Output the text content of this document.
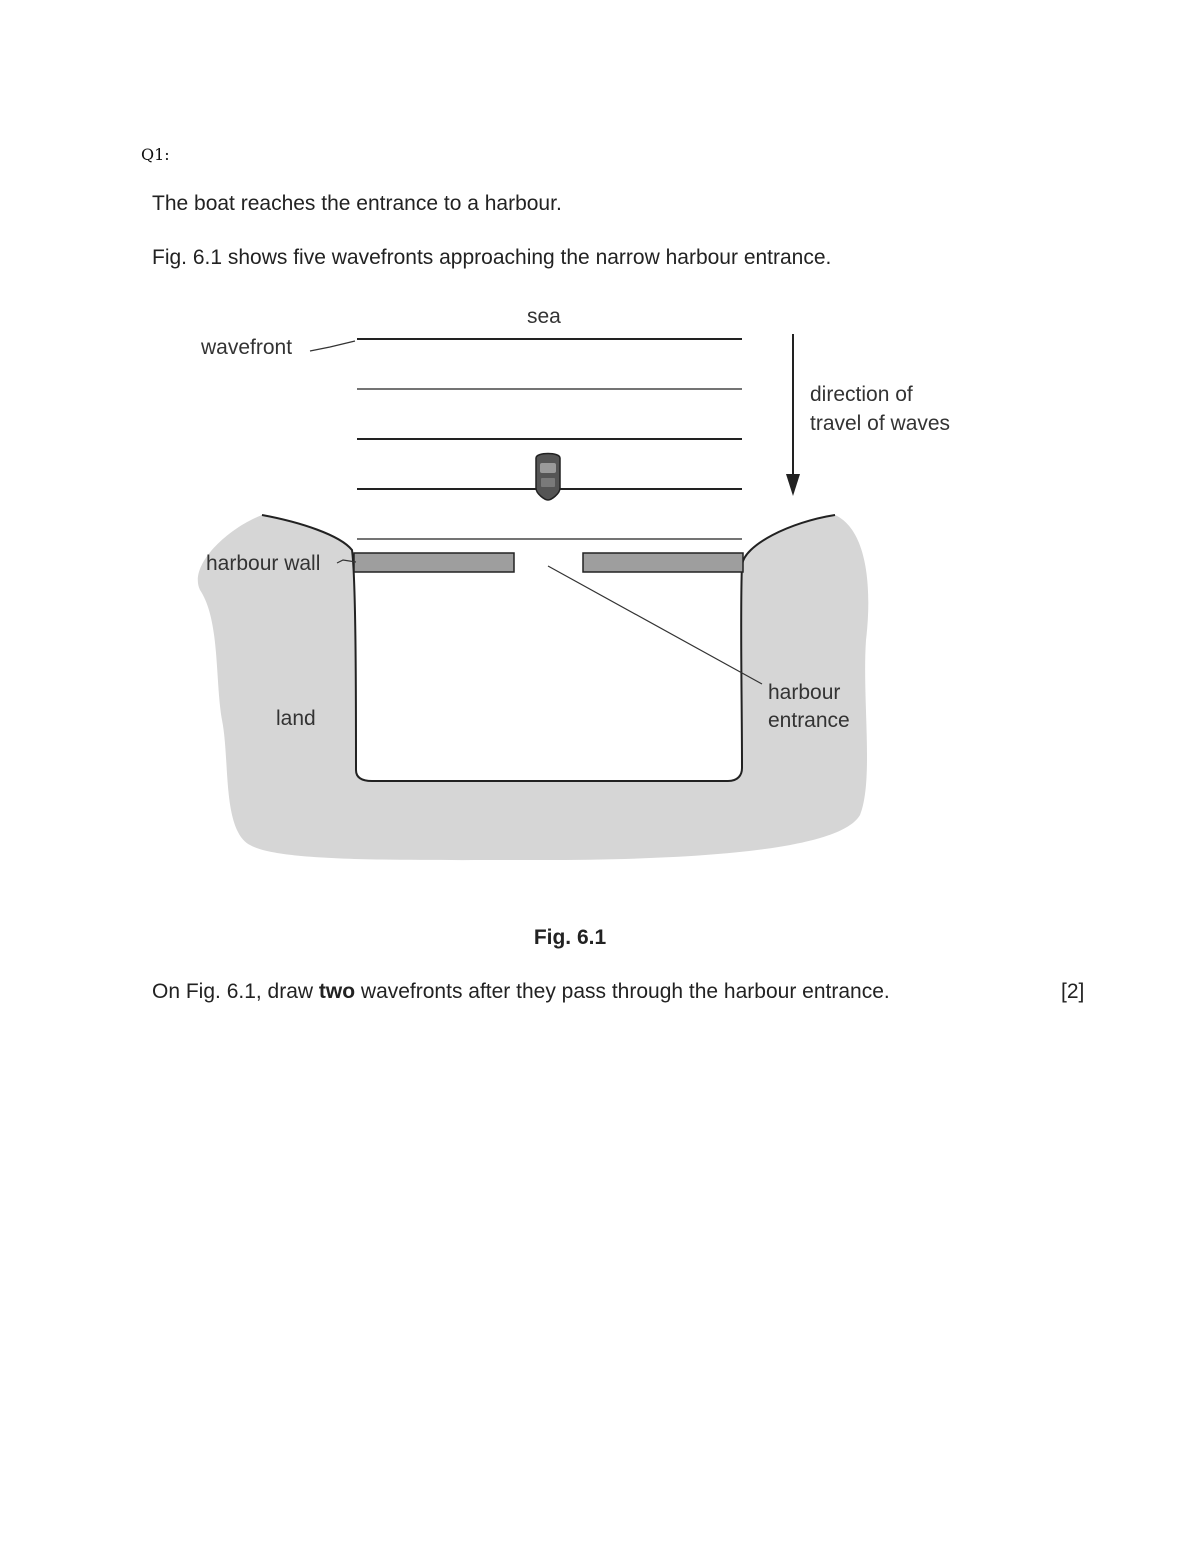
Q1:
The boat reaches the entrance to a harbour.
Fig. 6.1 shows five wavefronts approaching the narrow harbour entrance.
sea
wavefront
direction of
travel of waves
harbour wall
land
harbour
entrance
Fig. 6.1
On Fig. 6.1, draw two wavefronts after they pass through the harbour entrance.	[2]
